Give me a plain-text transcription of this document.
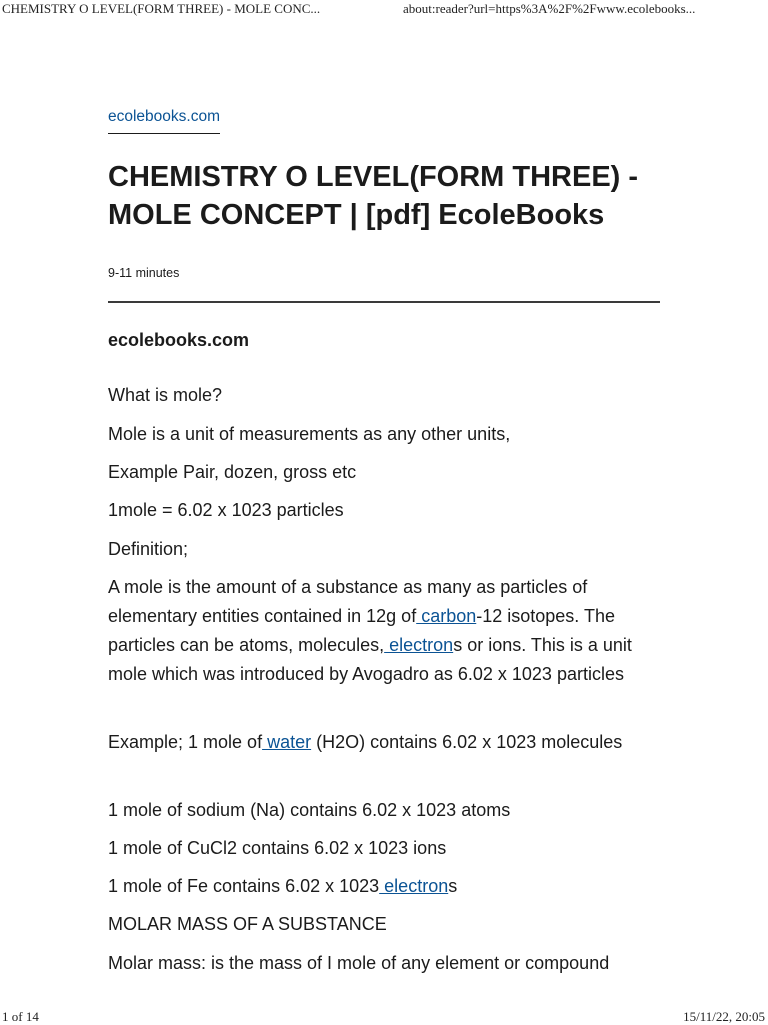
CHEMISTRY O LEVEL(FORM THREE) - MOLE CONC...	about:reader?url=https%3A%2F%2Fwww.ecolebooks...
ecolebooks.com
CHEMISTRY O LEVEL(FORM THREE) - MOLE CONCEPT | [pdf] EcoleBooks
9-11 minutes
ecolebooks.com

What is mole?

Mole is a unit of measurements as any other units,

Example Pair, dozen, gross etc

1mole = 6.02 x 1023 particles

Definition;

A mole is the amount of a substance as many as particles of elementary entities contained in 12g of carbon-12 isotopes. The particles can be atoms, molecules, electrons or ions. This is a unit mole which was introduced by Avogadro as 6.02 x 1023 particles

Example; 1 mole of water (H2O) contains 6.02 x 1023 molecules

1 mole of sodium (Na) contains 6.02 x 1023 atoms

1 mole of CuCl2 contains 6.02 x 1023 ions

1 mole of Fe contains 6.02 x 1023 electrons

MOLAR MASS OF A SUBSTANCE

Molar mass: is the mass of I mole of any element or compound

1 of 14	15/11/22, 20:05
